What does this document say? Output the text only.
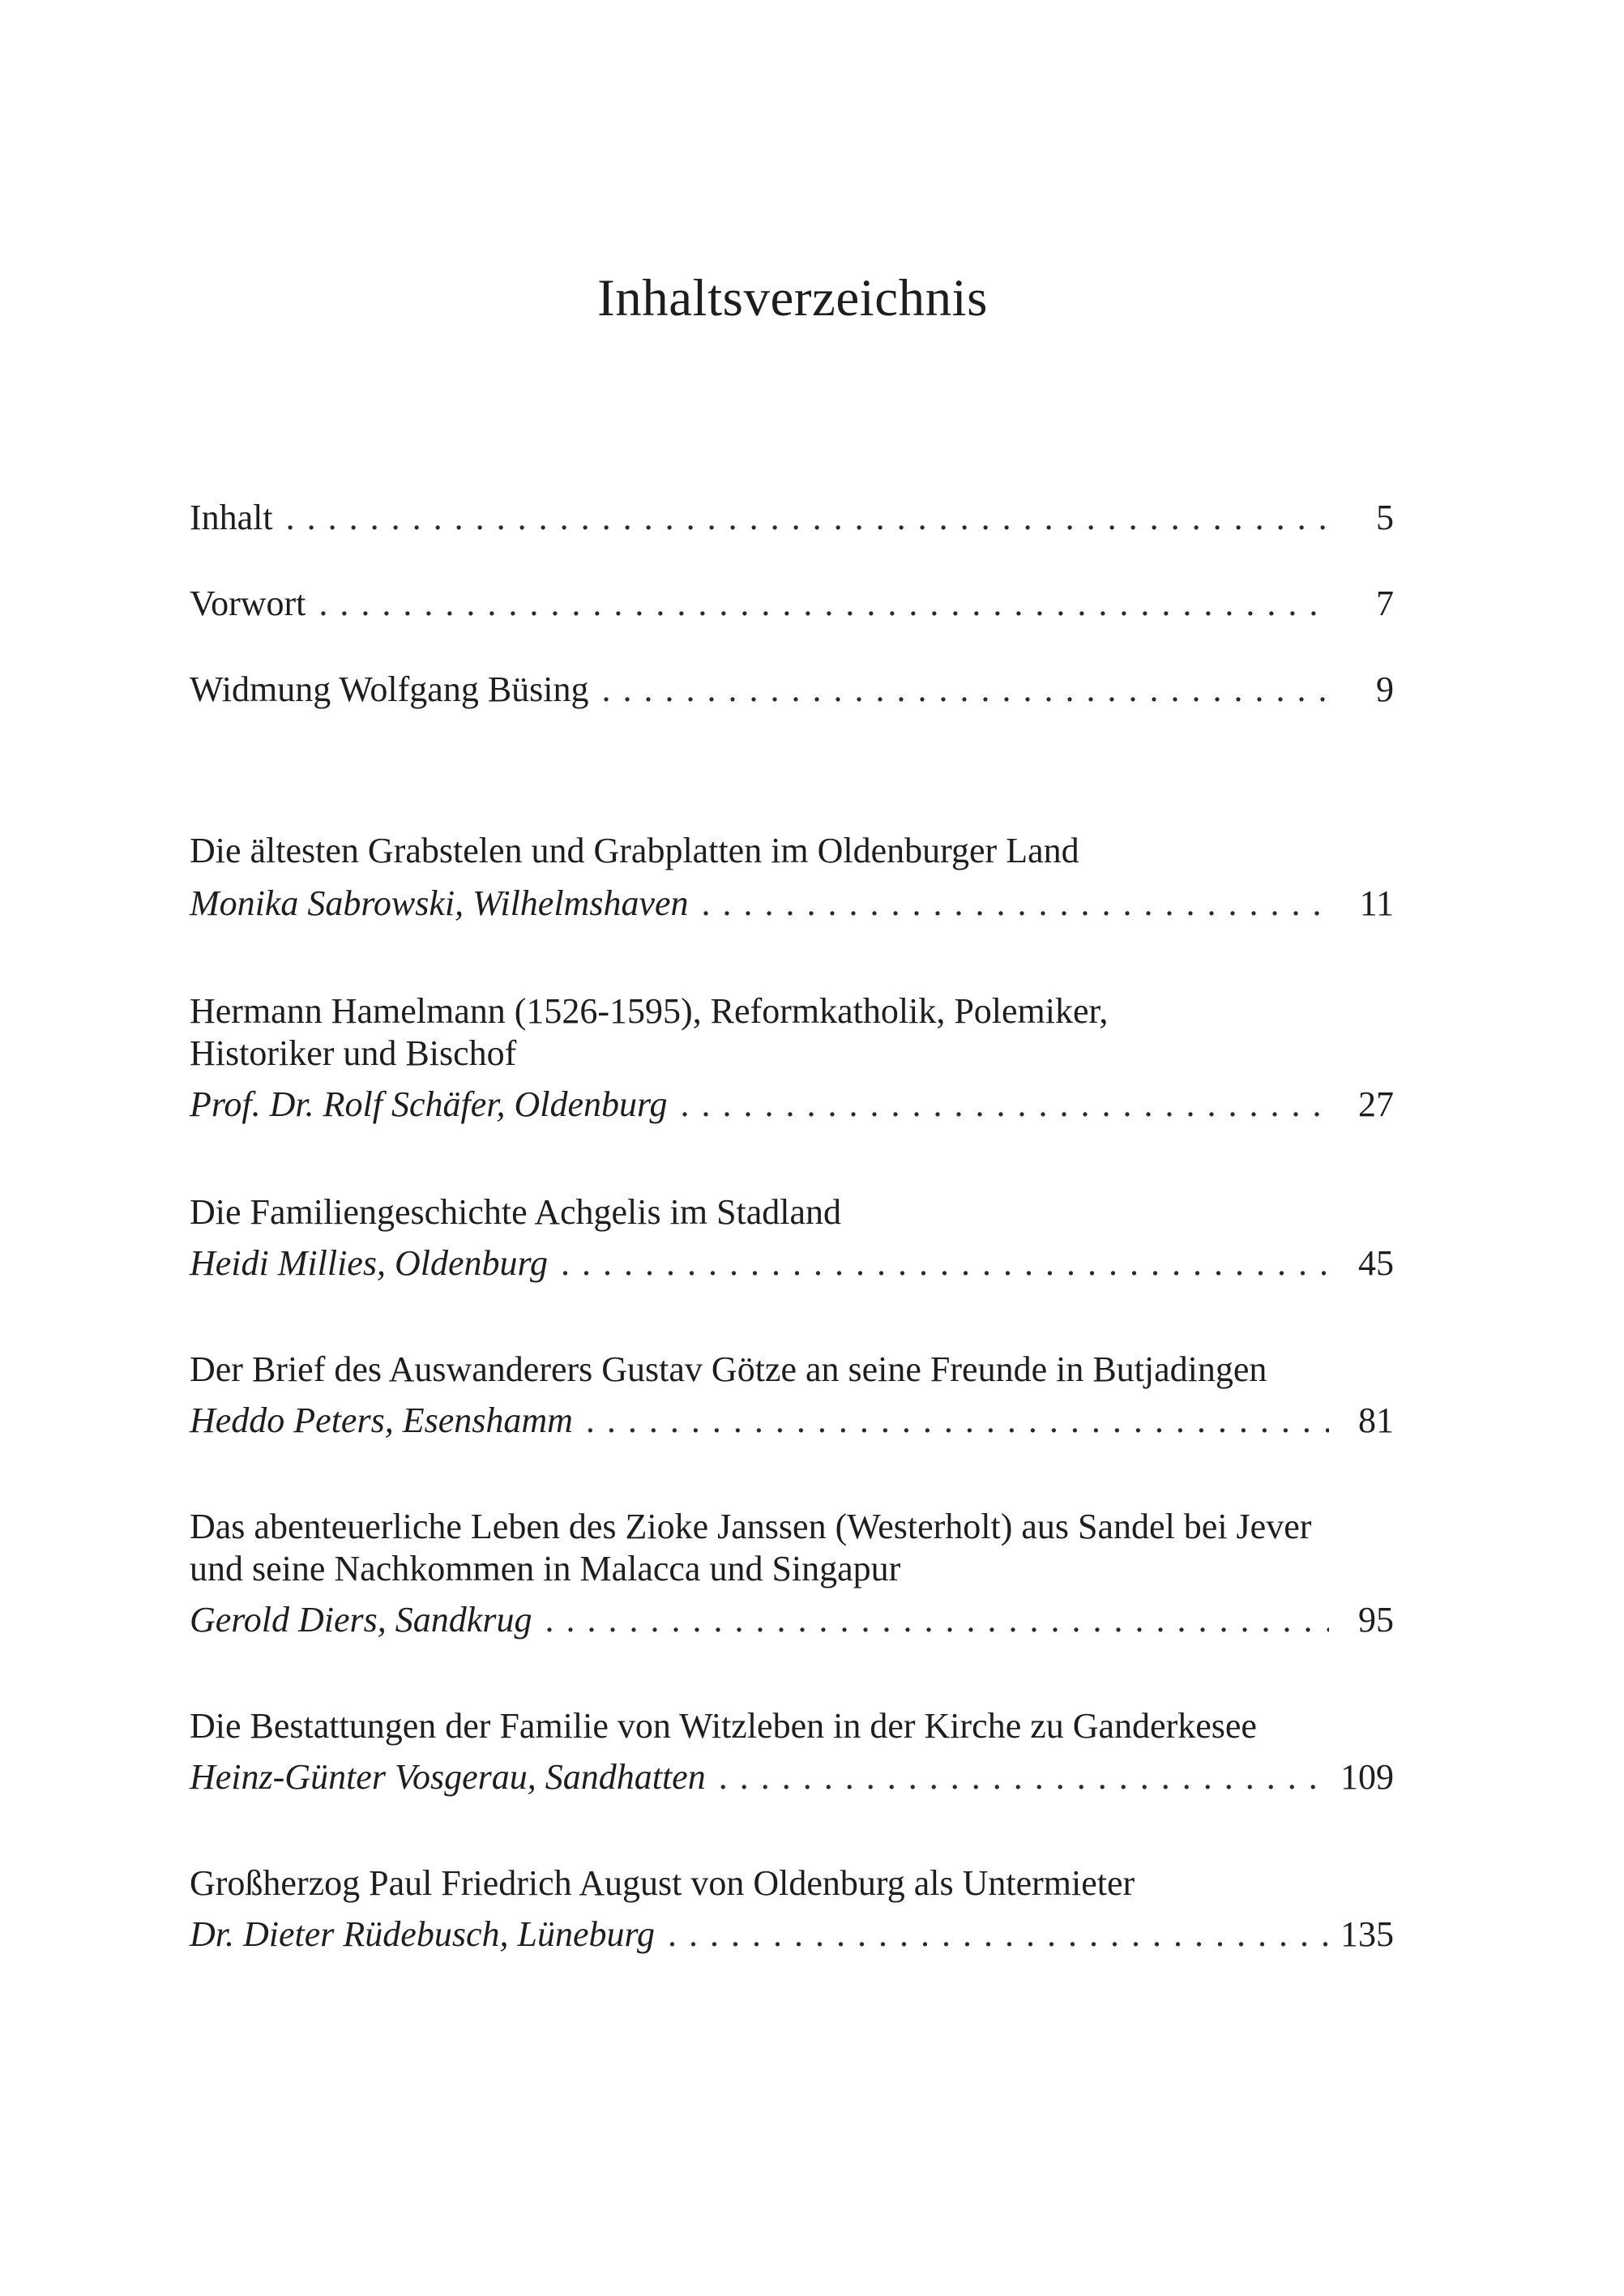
Inhaltsverzeichnis
Inhalt . . .	5
Vorwort . . .	7
Widmung Wolfgang Büsing . . .	9
Die ältesten Grabstelen und Grabplatten im Oldenburger Land
Monika Sabrowski, Wilhelmshaven . . .	11
Hermann Hamelmann (1526-1595), Reformkatholik, Polemiker,
Historiker und Bischof
Prof. Dr. Rolf Schäfer, Oldenburg . . .	27
Die Familiengeschichte Achgelis im Stadland
Heidi Millies, Oldenburg . . .	45
Der Brief des Auswanderers Gustav Götze an seine Freunde in Butjadingen
Heddo Peters, Esenshamm . . .	81
Das abenteuerliche Leben des Zioke Janssen (Westerholt) aus Sandel bei Jever
und seine Nachkommen in Malacca und Singapur
Gerold Diers, Sandkrug . . .	95
Die Bestattungen der Familie von Witzleben in der Kirche zu Ganderkesee
Heinz-Günter Vosgerau, Sandhatten . . .	109
Großherzog Paul Friedrich August von Oldenburg als Untermieter
Dr. Dieter Rüdebusch, Lüneburg . . .	135
